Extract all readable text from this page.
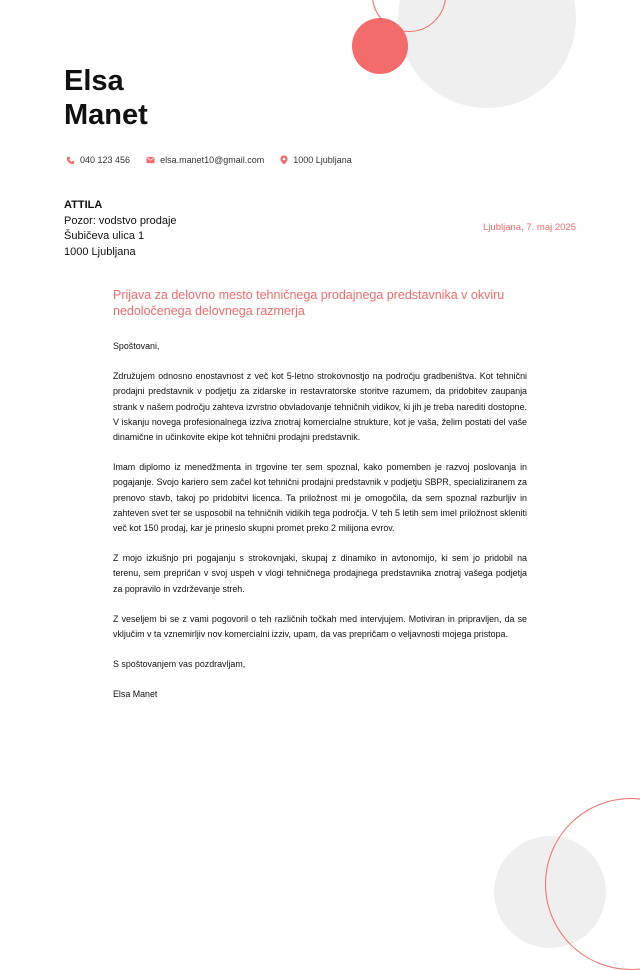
Elsa
Manet
040 123 456	elsa.manet10@gmail.com	1000 Ljubljana
ATTILA
Pozor: vodstvo prodaje
Šubičeva ulica 1
1000 Ljubljana
Ljubljana, 7. maj 2025
Prijava za delovno mesto tehničnega prodajnega predstavnika v okviru nedoločenega delovnega razmerja

Spoštovani,

Združujem odnosno enostavnost z več kot 5-letno strokovnostjo na področju gradbeništva. Kot tehnični prodajni predstavnik v podjetju za zidarske in restavratorske storitve razumem, da pridobitev zaupanja strank v našem področju zahteva izvrstno obvladovanje tehničnih vidikov, ki jih je treba narediti dostopne. V iskanju novega profesionalnega izziva znotraj komercialne strukture, kot je vaša, želim postati del vaše dinamične in učinkovite ekipe kot tehnični prodajni predstavnik.

Imam diplomo iz menedžmenta in trgovine ter sem spoznal, kako pomemben je razvoj poslovanja in pogajanje. Svojo kariero sem začel kot tehnični prodajni predstavnik v podjetju SBPR, specializiranem za prenovo stavb, takoj po pridobitvi licenca. Ta priložnost mi je omogočila, da sem spoznal razburljiv in zahteven svet ter se usposobil na tehničnih vidikih tega področja. V teh 5 letih sem imel priložnost skleniti več kot 150 prodaj, kar je prineslo skupni promet preko 2 milijona evrov.

Z mojo izkušnjo pri pogajanju s strokovnjaki, skupaj z dinamiko in avtonomijo, ki sem jo pridobil na terenu, sem prepričan v svoj uspeh v vlogi tehničnega prodajnega predstavnika znotraj vašega podjetja za popravilo in vzdrževanje streh.

Z veseljem bi se z vami pogovoril o teh različnih točkah med intervjujem. Motiviran in pripravljen, da se vključim v ta vznemirljiv nov komercialni izziv, upam, da vas prepričam o veljavnosti mojega pristopa.

S spoštovanjem vas pozdravljam,

Elsa Manet
